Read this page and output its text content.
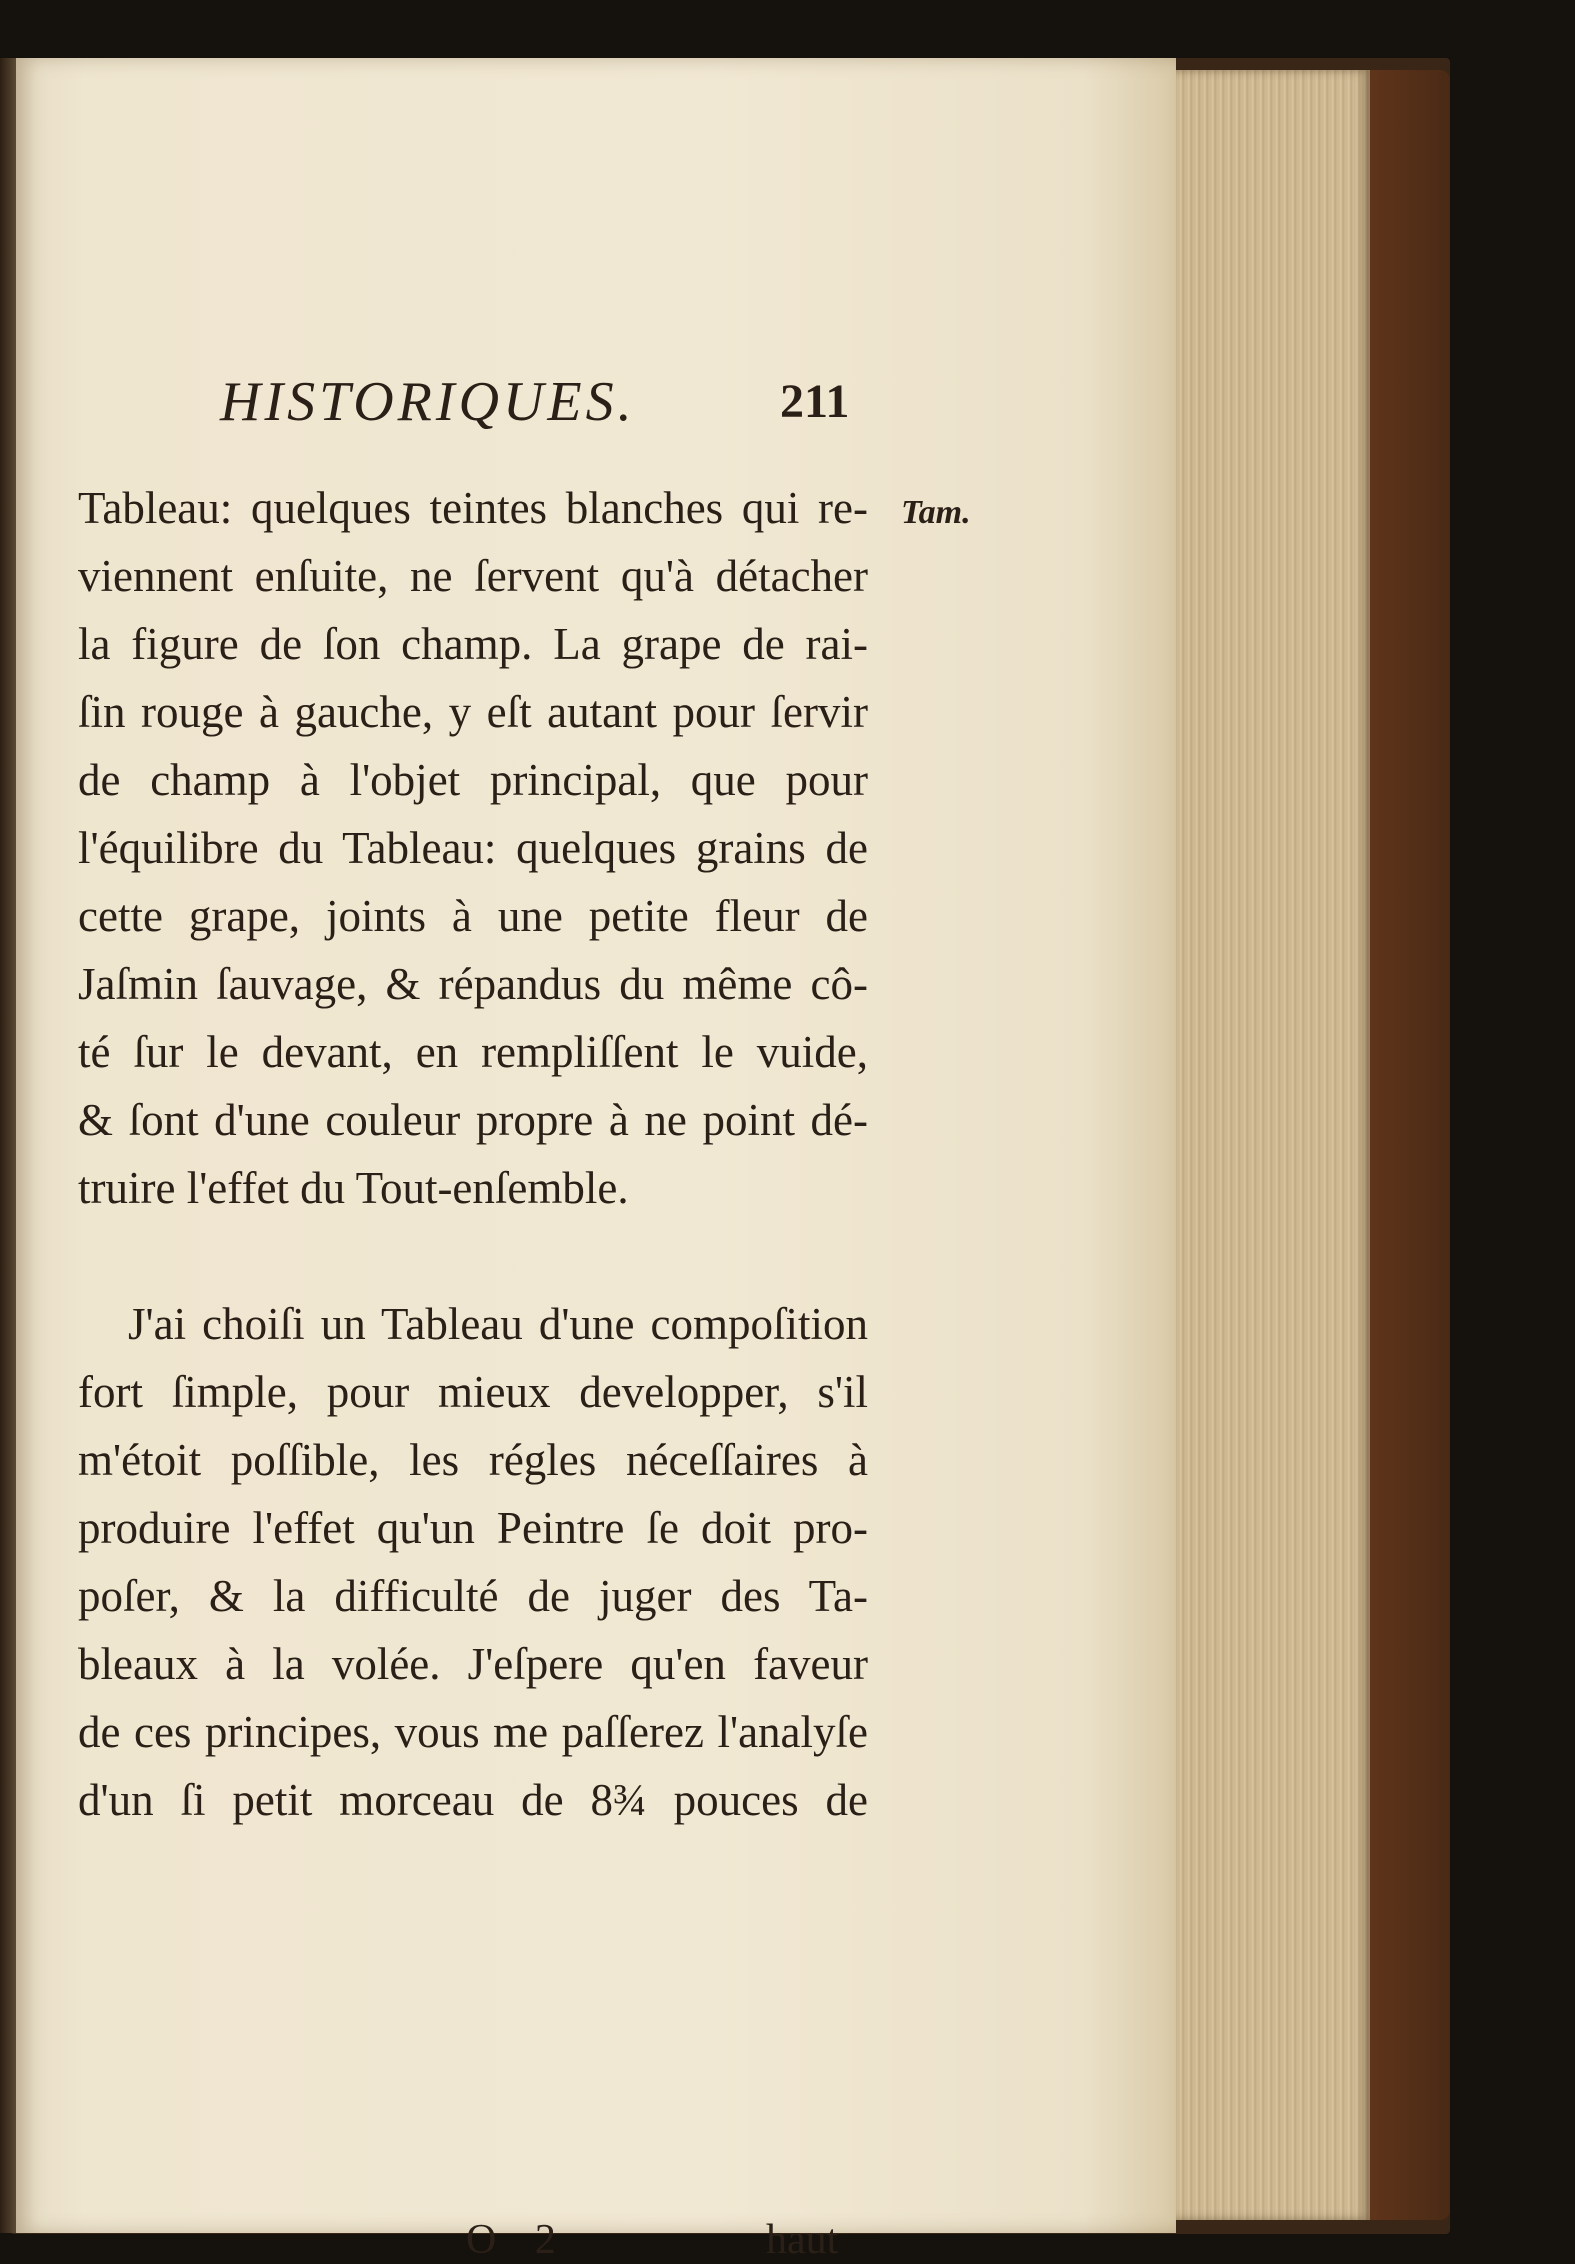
HISTORIQUES.	211
Tam.
Tableau: quelques teintes blanches qui re-
viennent enſuite, ne ſervent qu'à détacher
la figure de ſon champ. La grape de rai-
ſin rouge à gauche, y eſt autant pour ſervir
de champ à l'objet principal, que pour
l'équilibre du Tableau: quelques grains de
cette grape, joints à une petite fleur de
Jaſmin ſauvage, & répandus du même cô-
té ſur le devant, en rempliſſent le vuide,
& ſont d'une couleur propre à ne point dé-
truire l'effet du Tout-enſemble.
J'ai choiſi un Tableau d'une compoſition
fort ſimple, pour mieux developper, s'il
m'étoit poſſible, les régles néceſſaires à
produire l'effet qu'un Peintre ſe doit pro-
poſer, & la difficulté de juger des Ta-
bleaux à la volée. J'eſpere qu'en faveur
de ces principes, vous me paſſerez l'analyſe
d'un ſi petit morceau de 8¾ pouces de
O 2	haut
